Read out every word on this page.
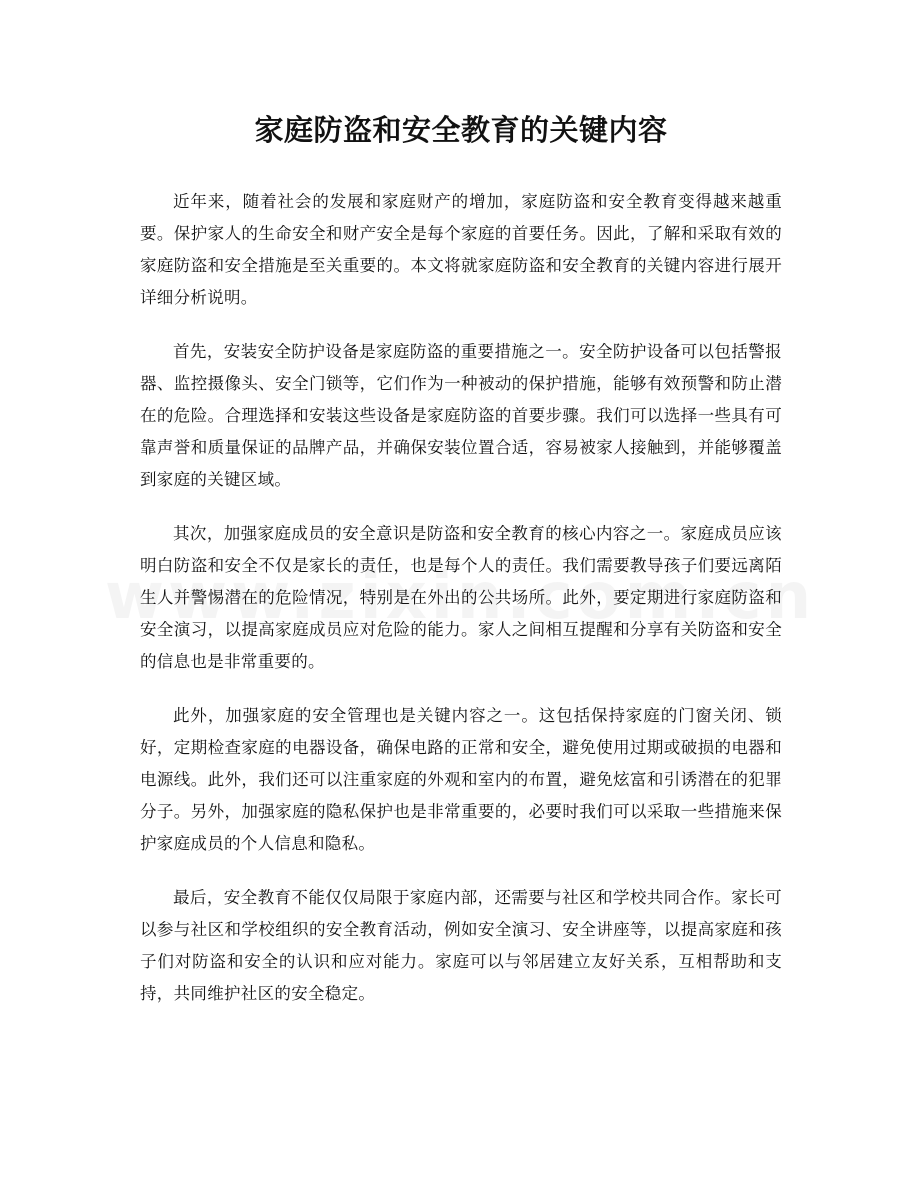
家庭防盗和安全教育的关键内容

近年来，随着社会的发展和家庭财产的增加，家庭防盗和安全教育变得越来越重要。保护家人的生命安全和财产安全是每个家庭的首要任务。因此，了解和采取有效的家庭防盗和安全措施是至关重要的。本文将就家庭防盗和安全教育的关键内容进行展开详细分析说明。

首先，安装安全防护设备是家庭防盗的重要措施之一。安全防护设备可以包括警报器、监控摄像头、安全门锁等，它们作为一种被动的保护措施，能够有效预警和防止潜在的危险。合理选择和安装这些设备是家庭防盗的首要步骤。我们可以选择一些具有可靠声誉和质量保证的品牌产品，并确保安装位置合适，容易被家人接触到，并能够覆盖到家庭的关键区域。

其次，加强家庭成员的安全意识是防盗和安全教育的核心内容之一。家庭成员应该明白防盗和安全不仅是家长的责任，也是每个人的责任。我们需要教导孩子们要远离陌生人并警惕潜在的危险情况，特别是在外出的公共场所。此外，要定期进行家庭防盗和安全演习，以提高家庭成员应对危险的能力。家人之间相互提醒和分享有关防盗和安全的信息也是非常重要的。

此外，加强家庭的安全管理也是关键内容之一。这包括保持家庭的门窗关闭、锁好，定期检查家庭的电器设备，确保电路的正常和安全，避免使用过期或破损的电器和电源线。此外，我们还可以注重家庭的外观和室内的布置，避免炫富和引诱潜在的犯罪分子。另外，加强家庭的隐私保护也是非常重要的，必要时我们可以采取一些措施来保护家庭成员的个人信息和隐私。

最后，安全教育不能仅仅局限于家庭内部，还需要与社区和学校共同合作。家长可以参与社区和学校组织的安全教育活动，例如安全演习、安全讲座等，以提高家庭和孩子们对防盗和安全的认识和应对能力。家庭可以与邻居建立友好关系，互相帮助和支持，共同维护社区的安全稳定。
